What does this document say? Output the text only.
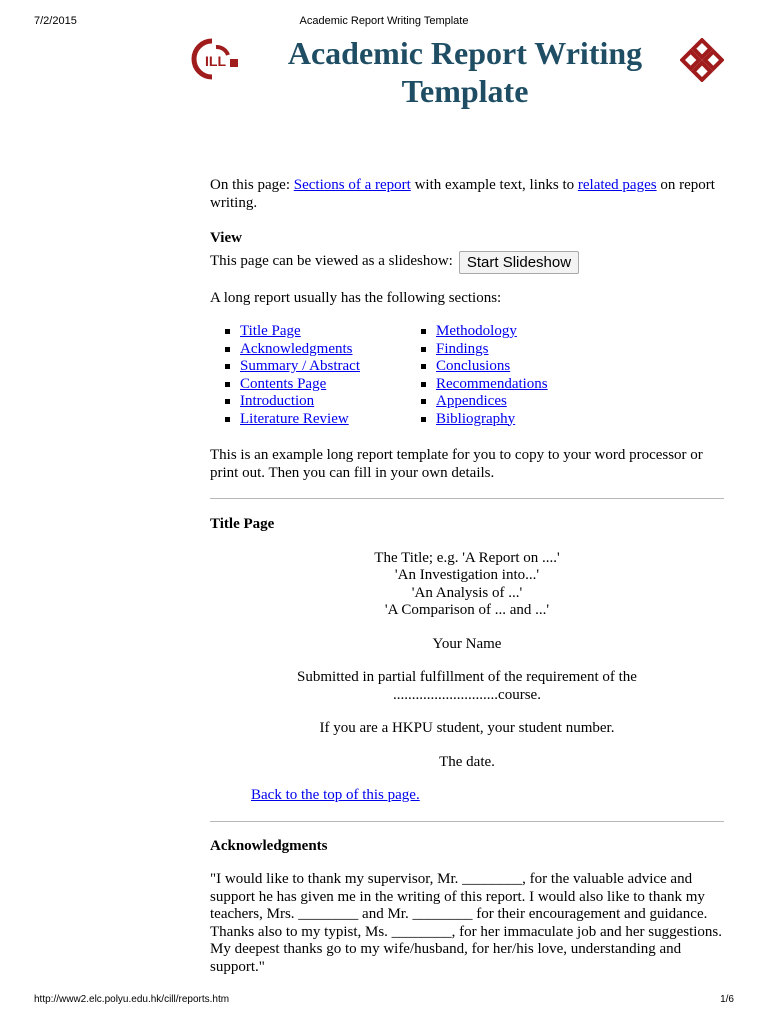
7/2/2015	Academic Report Writing Template
ILL	Academic Report Writing
Template

On this page: Sections of a report with example text, links to related pages on report writing.

View

This page can be viewed as a slideshow: Start Slideshow

A long report usually has the following sections:

Title Page
Acknowledgments
Summary / Abstract
Contents Page
Introduction
Literature Review
Methodology
Findings
Conclusions
Recommendations
Appendices
Bibliography

This is an example long report template for you to copy to your word processor or print out. Then you can fill in your own details.

Title Page

The Title; e.g. 'A Report on ....'

'An Investigation into...'

'An Analysis of ...'

'A Comparison of ... and ...'

Your Name

Submitted in partial fulfillment of the requirement of the

............................course.

If you are a HKPU student, your student number.

The date.

Back to the top of this page.

Acknowledgments

"I would like to thank my supervisor, Mr. ________, for the valuable advice and support he has given me in the writing of this report. I would also like to thank my teachers, Mrs. ________ and Mr. ________ for their encouragement and guidance. Thanks also to my typist, Ms. ________, for her immaculate job and her suggestions. My deepest thanks go to my wife/husband, for her/his love, understanding and support."

http://www2.elc.polyu.edu.hk/cill/reports.htm	1/6
